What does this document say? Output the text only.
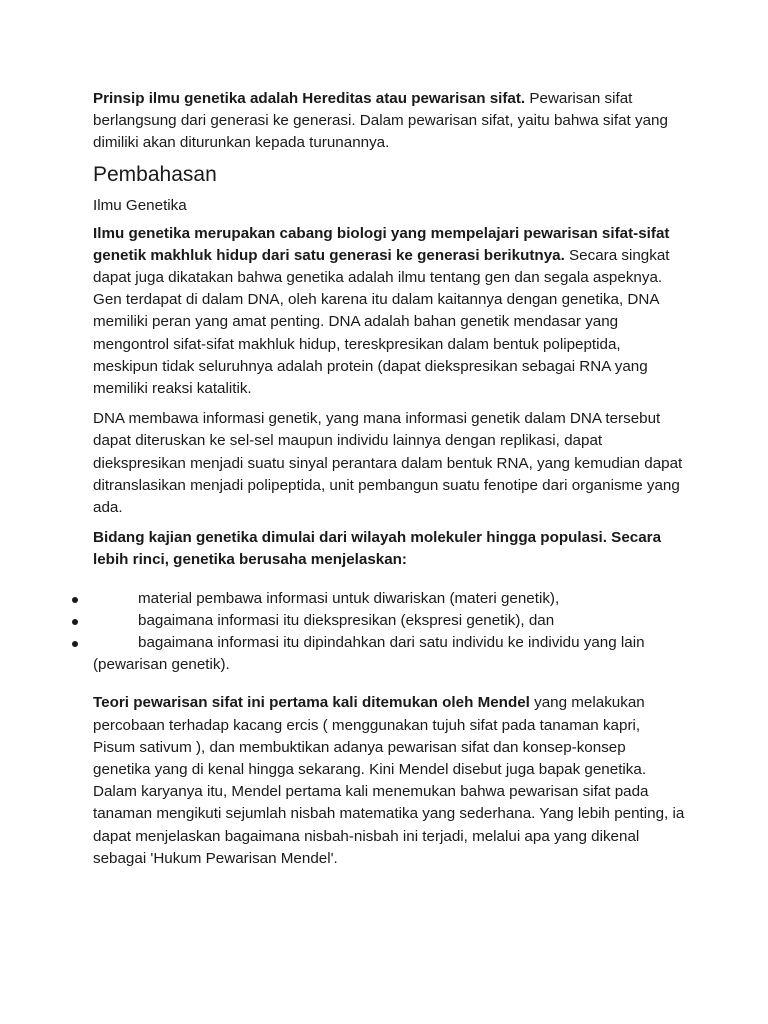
Prinsip ilmu genetika adalah Hereditas atau pewarisan sifat. Pewarisan sifat berlangsung dari generasi ke generasi. Dalam pewarisan sifat, yaitu bahwa sifat yang dimiliki akan diturunkan kepada turunannya.

Pembahasan
Ilmu Genetika

Ilmu genetika merupakan cabang biologi yang mempelajari pewarisan sifat-sifat genetik makhluk hidup dari satu generasi ke generasi berikutnya. Secara singkat dapat juga dikatakan bahwa genetika adalah ilmu tentang gen dan segala aspeknya. Gen terdapat di dalam DNA, oleh karena itu dalam kaitannya dengan genetika, DNA memiliki peran yang amat penting. DNA adalah bahan genetik mendasar yang mengontrol sifat-sifat makhluk hidup, tereskpresikan dalam bentuk polipeptida, meskipun tidak seluruhnya adalah protein (dapat diekspresikan sebagai RNA yang memiliki reaksi katalitik.

DNA membawa informasi genetik, yang mana informasi genetik dalam DNA tersebut dapat diteruskan ke sel-sel maupun individu lainnya dengan replikasi, dapat diekspresikan menjadi suatu sinyal perantara dalam bentuk RNA, yang kemudian dapat ditranslasikan menjadi polipeptida, unit pembangun suatu fenotipe dari organisme yang ada.

Bidang kajian genetika dimulai dari wilayah molekuler hingga populasi. Secara lebih rinci, genetika berusaha menjelaskan:

material pembawa informasi untuk diwariskan (materi genetik),
bagaimana informasi itu diekspresikan (ekspresi genetik), dan
bagaimana informasi itu dipindahkan dari satu individu ke individu yang lain (pewarisan genetik).

Teori pewarisan sifat ini pertama kali ditemukan oleh Mendel yang melakukan percobaan terhadap kacang ercis ( menggunakan tujuh sifat pada tanaman kapri, Pisum sativum ), dan membuktikan adanya pewarisan sifat dan konsep-konsep genetika yang di kenal hingga sekarang. Kini Mendel disebut juga bapak genetika. Dalam karyanya itu, Mendel pertama kali menemukan bahwa pewarisan sifat pada tanaman mengikuti sejumlah nisbah matematika yang sederhana. Yang lebih penting, ia dapat menjelaskan bagaimana nisbah-nisbah ini terjadi, melalui apa yang dikenal sebagai 'Hukum Pewarisan Mendel'.
